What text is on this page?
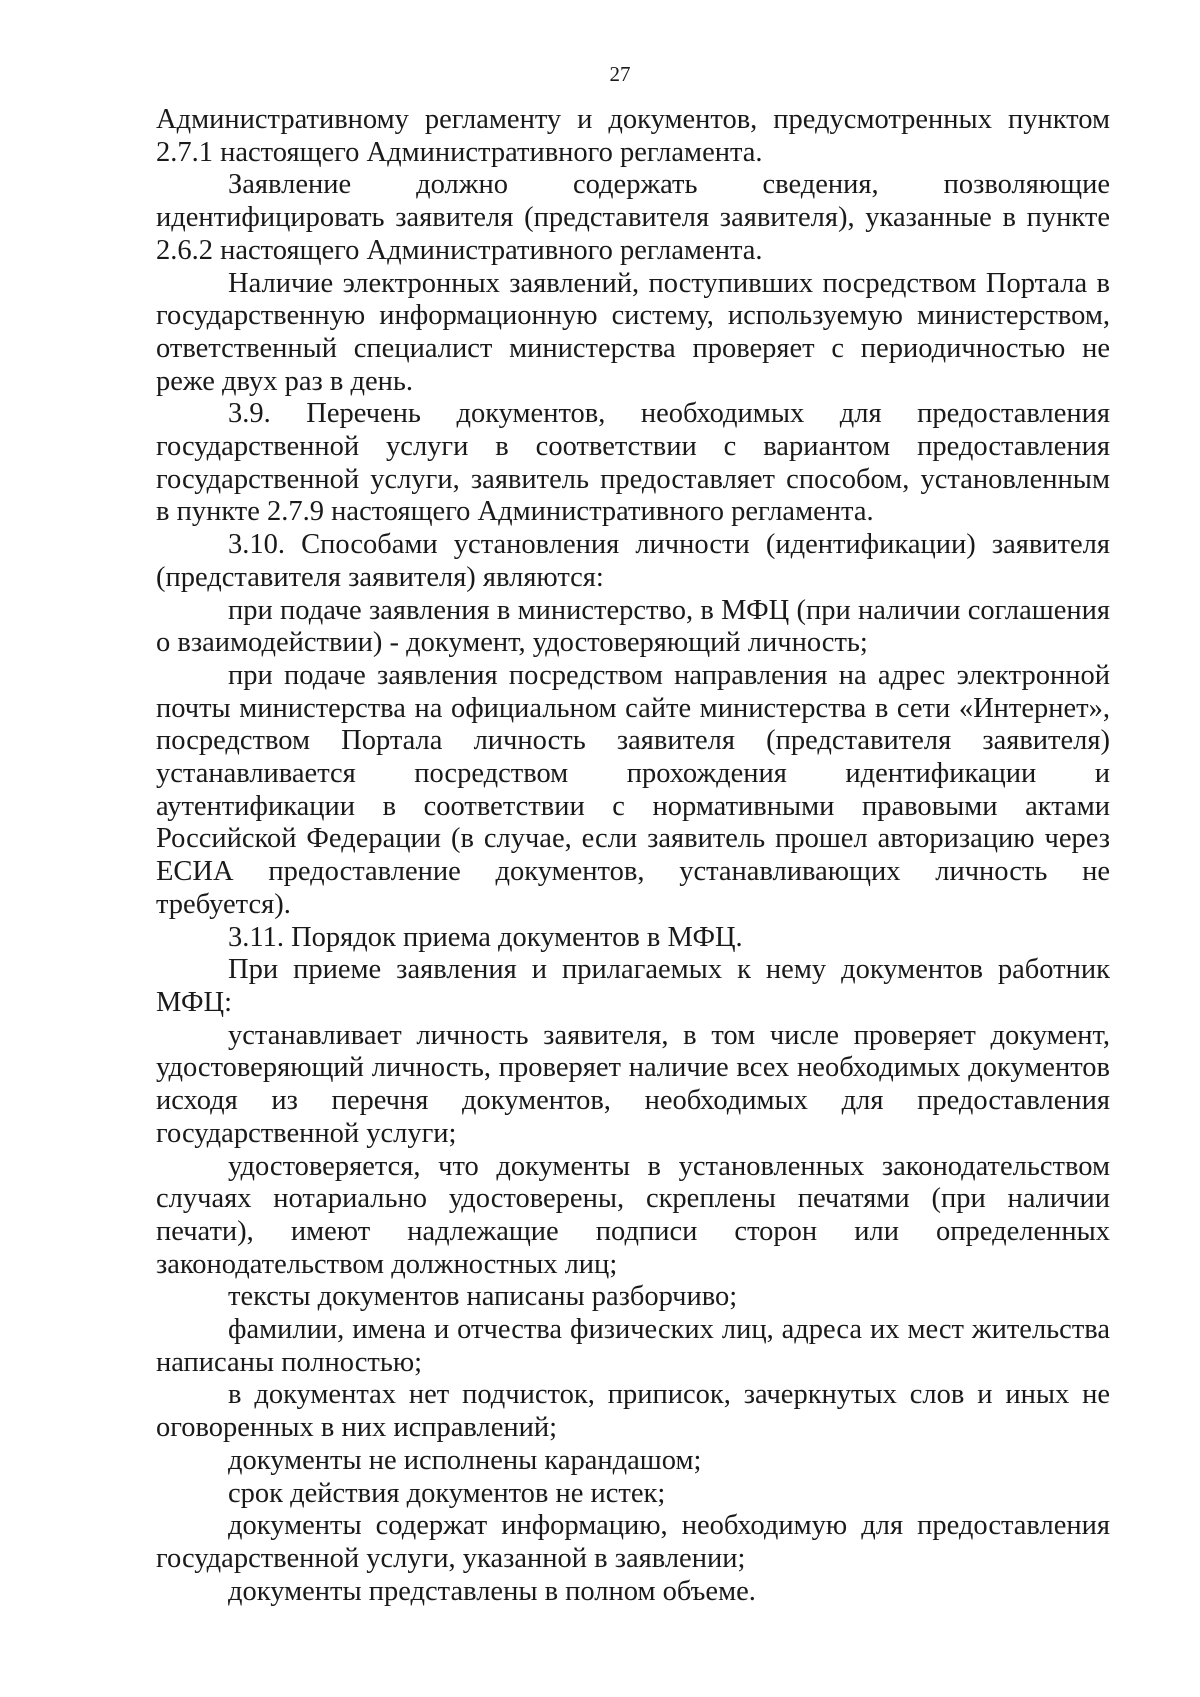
27

Административному регламенту и документов, предусмотренных пунктом 2.7.1 настоящего Административного регламента.

Заявление должно содержать сведения, позволяющие идентифицировать заявителя (представителя заявителя), указанные в пункте 2.6.2 настоящего Административного регламента.

Наличие электронных заявлений, поступивших посредством Портала в государственную информационную систему, используемую министерством, ответственный специалист министерства проверяет с периодичностью не реже двух раз в день.

3.9. Перечень документов, необходимых для предоставления государственной услуги в соответствии с вариантом предоставления государственной услуги, заявитель предоставляет способом, установленным в пункте 2.7.9 настоящего Административного регламента.

3.10. Способами установления личности (идентификации) заявителя (представителя заявителя) являются:

при подаче заявления в министерство, в МФЦ (при наличии соглашения о взаимодействии) - документ, удостоверяющий личность;

при подаче заявления посредством направления на адрес электронной почты министерства на официальном сайте министерства в сети «Интернет», посредством Портала личность заявителя (представителя заявителя) устанавливается посредством прохождения идентификации и аутентификации в соответствии с нормативными правовыми актами Российской Федерации (в случае, если заявитель прошел авторизацию через ЕСИА предоставление документов, устанавливающих личность не требуется).

3.11. Порядок приема документов в МФЦ.

При приеме заявления и прилагаемых к нему документов работник МФЦ:

устанавливает личность заявителя, в том числе проверяет документ, удостоверяющий личность, проверяет наличие всех необходимых документов исходя из перечня документов, необходимых для предоставления государственной услуги;

удостоверяется, что документы в установленных законодательством случаях нотариально удостоверены, скреплены печатями (при наличии печати), имеют надлежащие подписи сторон или определенных законодательством должностных лиц;

тексты документов написаны разборчиво;

фамилии, имена и отчества физических лиц, адреса их мест жительства написаны полностью;

в документах нет подчисток, приписок, зачеркнутых слов и иных не оговоренных в них исправлений;

документы не исполнены карандашом;

срок действия документов не истек;

документы содержат информацию, необходимую для предоставления государственной услуги, указанной в заявлении;

документы представлены в полном объеме.
